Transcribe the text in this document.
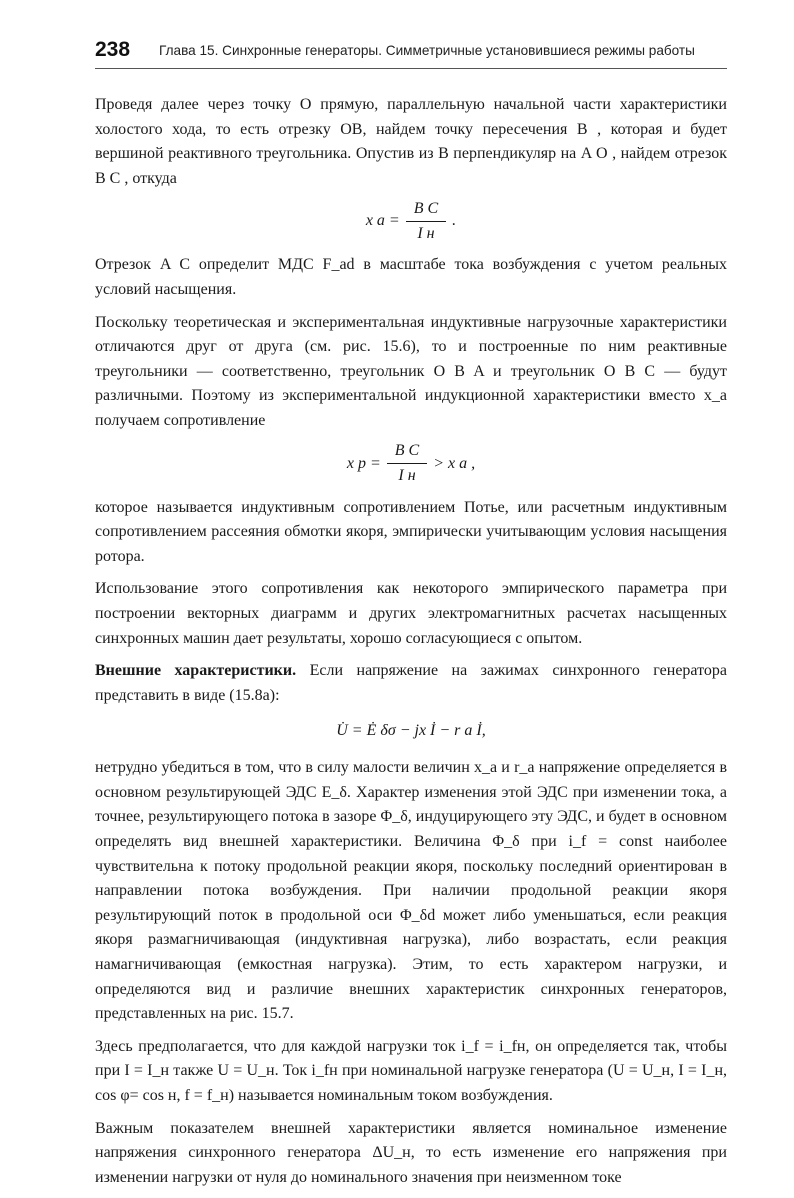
238 Глава 15. Синхронные генераторы. Симметричные установившиеся режимы работы

Проведя далее через точку O прямую, параллельную начальной части характеристики холостого хода, то есть отрезку OB, найдем точку пересечения B , которая и будет вершиной реактивного треугольника. Опустив из B перпендикуляр на A O , найдем отрезок B C , откуда

x $a = \frac{\text{B C}}{\text{I н}}$ .

Отрезок A C определит МДС F_ad в масштабе тока возбуждения с учетом реальных условий насыщения.

Поскольку теоретическая и экспериментальная индуктивные нагрузочные характеристики отличаются друг от друга (см. рис. 15.6), то и построенные по ним реактивные треугольники — соответственно, треугольник O B A и треугольник O B C — будут различными. Поэтому из экспериментальной индукционной характеристики вместо x_a получаем сопротивление

x $р = \frac{\text{B C}}{\text{I н}} > x$ a ,

которое называется индуктивным сопротивлением Потье, или расчетным индуктивным сопротивлением рассеяния обмотки якоря, эмпирически учитывающим условия насыщения ротора.

Использование этого сопротивления как некоторого эмпирического параметра при построении векторных диаграмм и других электромагнитных расчетах насыщенных синхронных машин дает результаты, хорошо согласующиеся с опытом.

Внешние характеристики. Если напряжение на зажимах синхронного генератора представить в виде (15.8а):

U̇ = Ė δσ − jx İ − r a İ,

нетрудно убедиться в том, что в силу малости величин x_a и r_a напряжение определяется в основном результирующей ЭДС E_δ. Характер изменения этой ЭДС при изменении тока, а точнее, результирующего потока в зазоре Φ_δ, индуцирующего эту ЭДС, и будет в основном определять вид внешней характеристики. Величина Φ_δ при i_f = const наиболее чувствительна к потоку продольной реакции якоря, поскольку последний ориентирован в направлении потока возбуждения. При наличии продольной реакции якоря результирующий поток в продольной оси Φ_δd может либо уменьшаться, если реакция якоря размагничивающая (индуктивная нагрузка), либо возрастать, если реакция намагничивающая (емкостная нагрузка). Этим, то есть характером нагрузки, и определяются вид и различие внешних характеристик синхронных генераторов, представленных на рис. 15.7.

Здесь предполагается, что для каждой нагрузки ток i_f = i_fн, он определяется так, чтобы при I = I_н также U = U_н. Ток i_fн при номинальной нагрузке генератора (U = U_н, I = I_н, cos φ= cos н, f = f_н) называется номинальным током возбуждения.

Важным показателем внешней характеристики является номинальное изменение напряжения синхронного генератора ΔU_н, то есть изменение его напряжения при изменении нагрузки от нуля до номинального значения при неизменном токе
